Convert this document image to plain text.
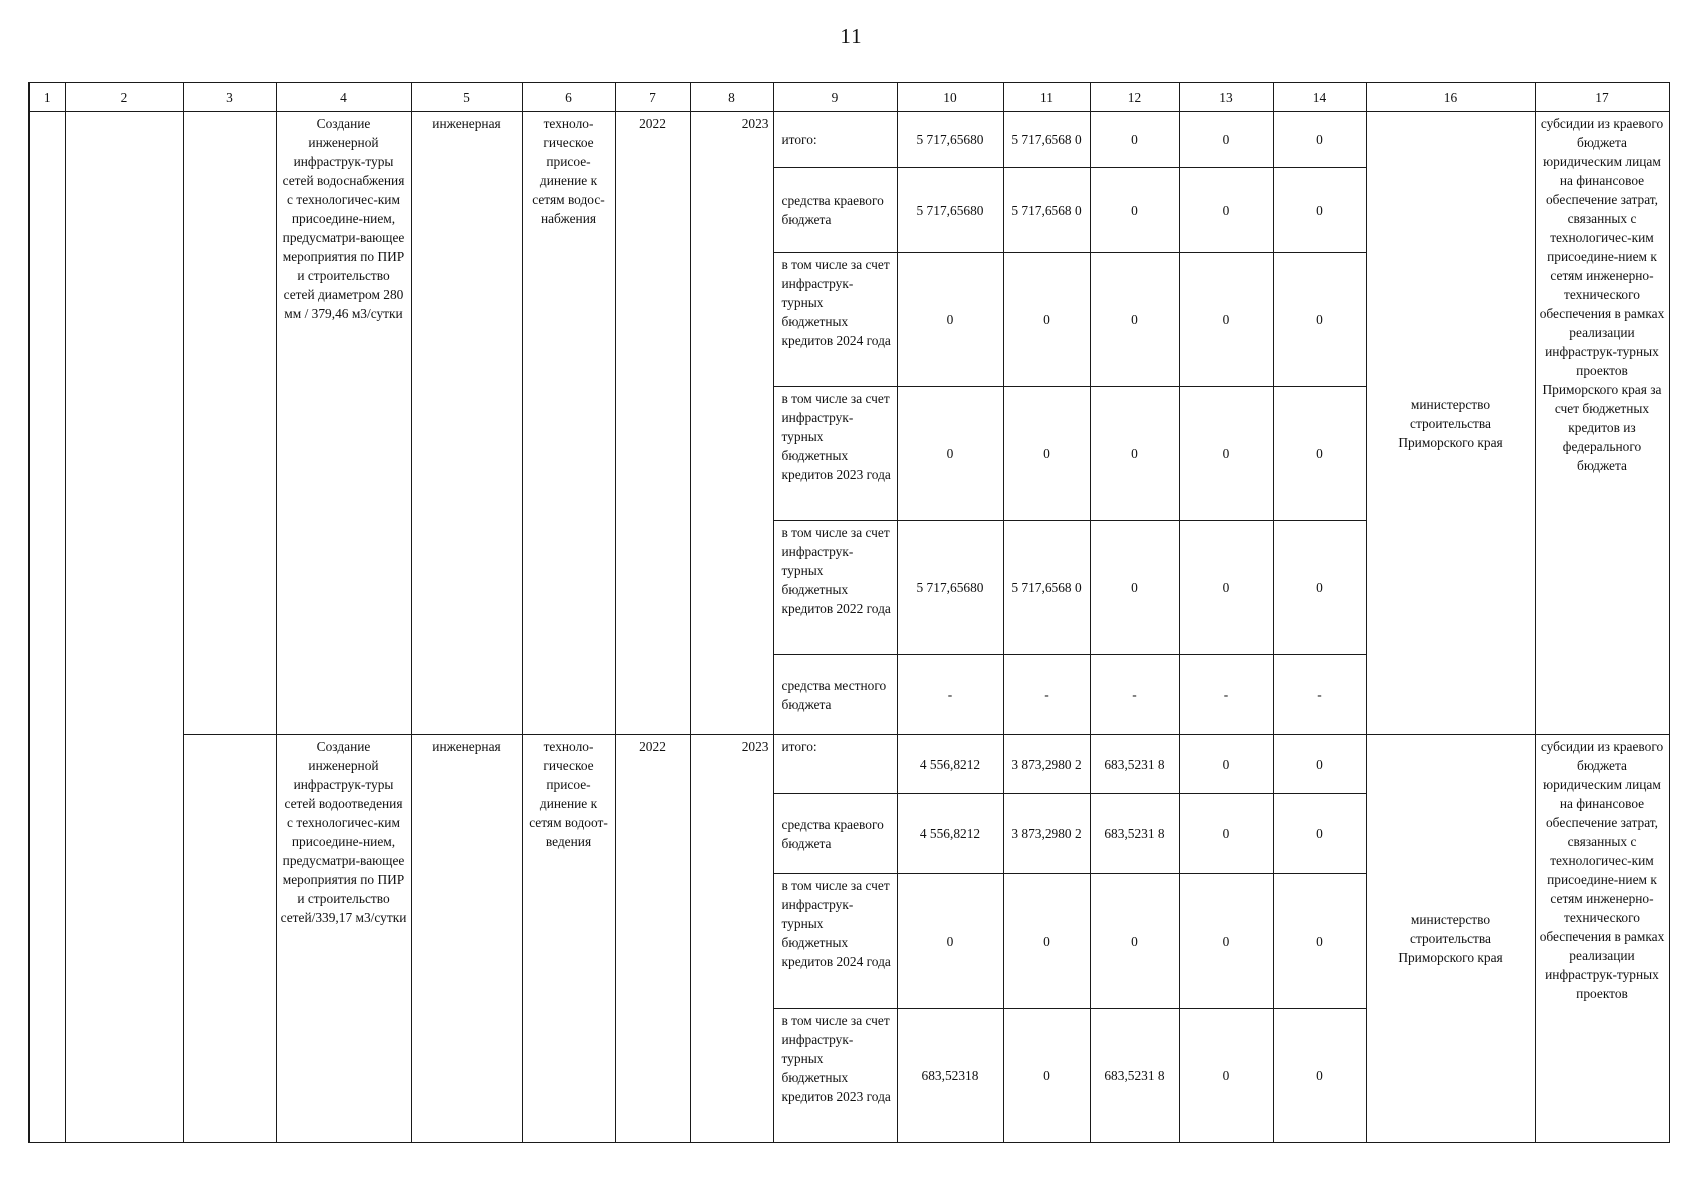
11
1	2	3	4	5	6	7	8	9	10	11	12	13	14	16	17
			Создание инженерной инфраструк-туры сетей водоснабжения с технологичес-ким присоедине-нием, предусматри-вающее мероприятия по ПИР и строительство сетей диаметром 280 мм / 379,46 м3/сутки	инженерная	техноло-гическое присое-динение к сетям водос-набжения	2022	2023	итого:	5 717,65680	5 717,6568 0	0	0	0	министерство строительства Приморского края	субсидии из краевого бюджета юридическим лицам на финансовое обеспечение затрат, связанных с технологичес-ким присоедине-нием к сетям инженерно-технического обеспечения в рамках реализации инфраструк-турных проектов Приморского края за счет бюджетных кредитов из федерального бюджета
								средства краевого бюджета	5 717,65680	5 717,6568 0	0	0	0		
								в том числе за счет инфраструк-турных бюджетных кредитов 2024 года	0	0	0	0	0		
								в том числе за счет инфраструк-турных бюджетных кредитов 2023 года	0	0	0	0	0		
								в том числе за счет инфраструк-турных бюджетных кредитов 2022 года	5 717,65680	5 717,6568 0	0	0	0		
								средства местного бюджета	-	-	-	-	-		
			Создание инженерной инфраструк-туры сетей водоотведения с технологичес-ким присоедине-нием, предусматри-вающее мероприятия по ПИР и строительство сетей/339,17 м3/сутки	инженерная	техноло-гическое присое-динение к сетям водоот-ведения	2022	2023	итого:	4 556,8212	3 873,2980 2	683,5231 8	0	0	министерство строительства Приморского края	субсидии из краевого бюджета юридическим лицам на финансовое обеспечение затрат, связанных с технологичес-ким присоедине-нием к сетям инженерно-технического обеспечения в рамках реализации инфраструк-турных проектов
								средства краевого бюджета	4 556,8212	3 873,2980 2	683,5231 8	0	0		
								в том числе за счет инфраструк-турных бюджетных кредитов 2024 года	0	0	0	0	0		
								в том числе за счет инфраструк-турных бюджетных кредитов 2023 года	683,52318	0	683,5231 8	0	0		
